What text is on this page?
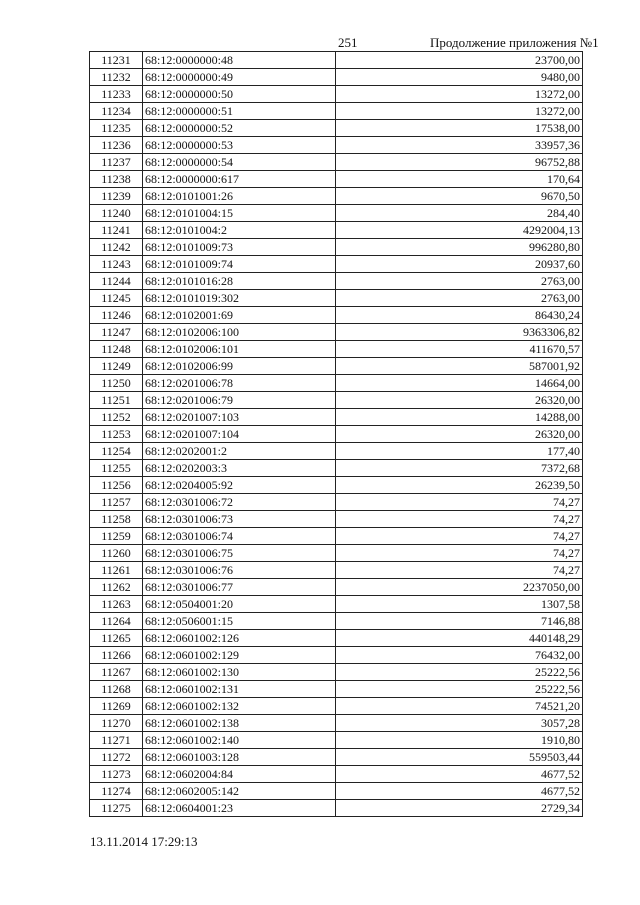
251	Продолжение приложения №1
11231	68:12:0000000:48	23700,00
11232	68:12:0000000:49	9480,00
11233	68:12:0000000:50	13272,00
11234	68:12:0000000:51	13272,00
11235	68:12:0000000:52	17538,00
11236	68:12:0000000:53	33957,36
11237	68:12:0000000:54	96752,88
11238	68:12:0000000:617	170,64
11239	68:12:0101001:26	9670,50
11240	68:12:0101004:15	284,40
11241	68:12:0101004:2	4292004,13
11242	68:12:0101009:73	996280,80
11243	68:12:0101009:74	20937,60
11244	68:12:0101016:28	2763,00
11245	68:12:0101019:302	2763,00
11246	68:12:0102001:69	86430,24
11247	68:12:0102006:100	9363306,82
11248	68:12:0102006:101	411670,57
11249	68:12:0102006:99	587001,92
11250	68:12:0201006:78	14664,00
11251	68:12:0201006:79	26320,00
11252	68:12:0201007:103	14288,00
11253	68:12:0201007:104	26320,00
11254	68:12:0202001:2	177,40
11255	68:12:0202003:3	7372,68
11256	68:12:0204005:92	26239,50
11257	68:12:0301006:72	74,27
11258	68:12:0301006:73	74,27
11259	68:12:0301006:74	74,27
11260	68:12:0301006:75	74,27
11261	68:12:0301006:76	74,27
11262	68:12:0301006:77	2237050,00
11263	68:12:0504001:20	1307,58
11264	68:12:0506001:15	7146,88
11265	68:12:0601002:126	440148,29
11266	68:12:0601002:129	76432,00
11267	68:12:0601002:130	25222,56
11268	68:12:0601002:131	25222,56
11269	68:12:0601002:132	74521,20
11270	68:12:0601002:138	3057,28
11271	68:12:0601002:140	1910,80
11272	68:12:0601003:128	559503,44
11273	68:12:0602004:84	4677,52
11274	68:12:0602005:142	4677,52
11275	68:12:0604001:23	2729,34
13.11.2014 17:29:13
